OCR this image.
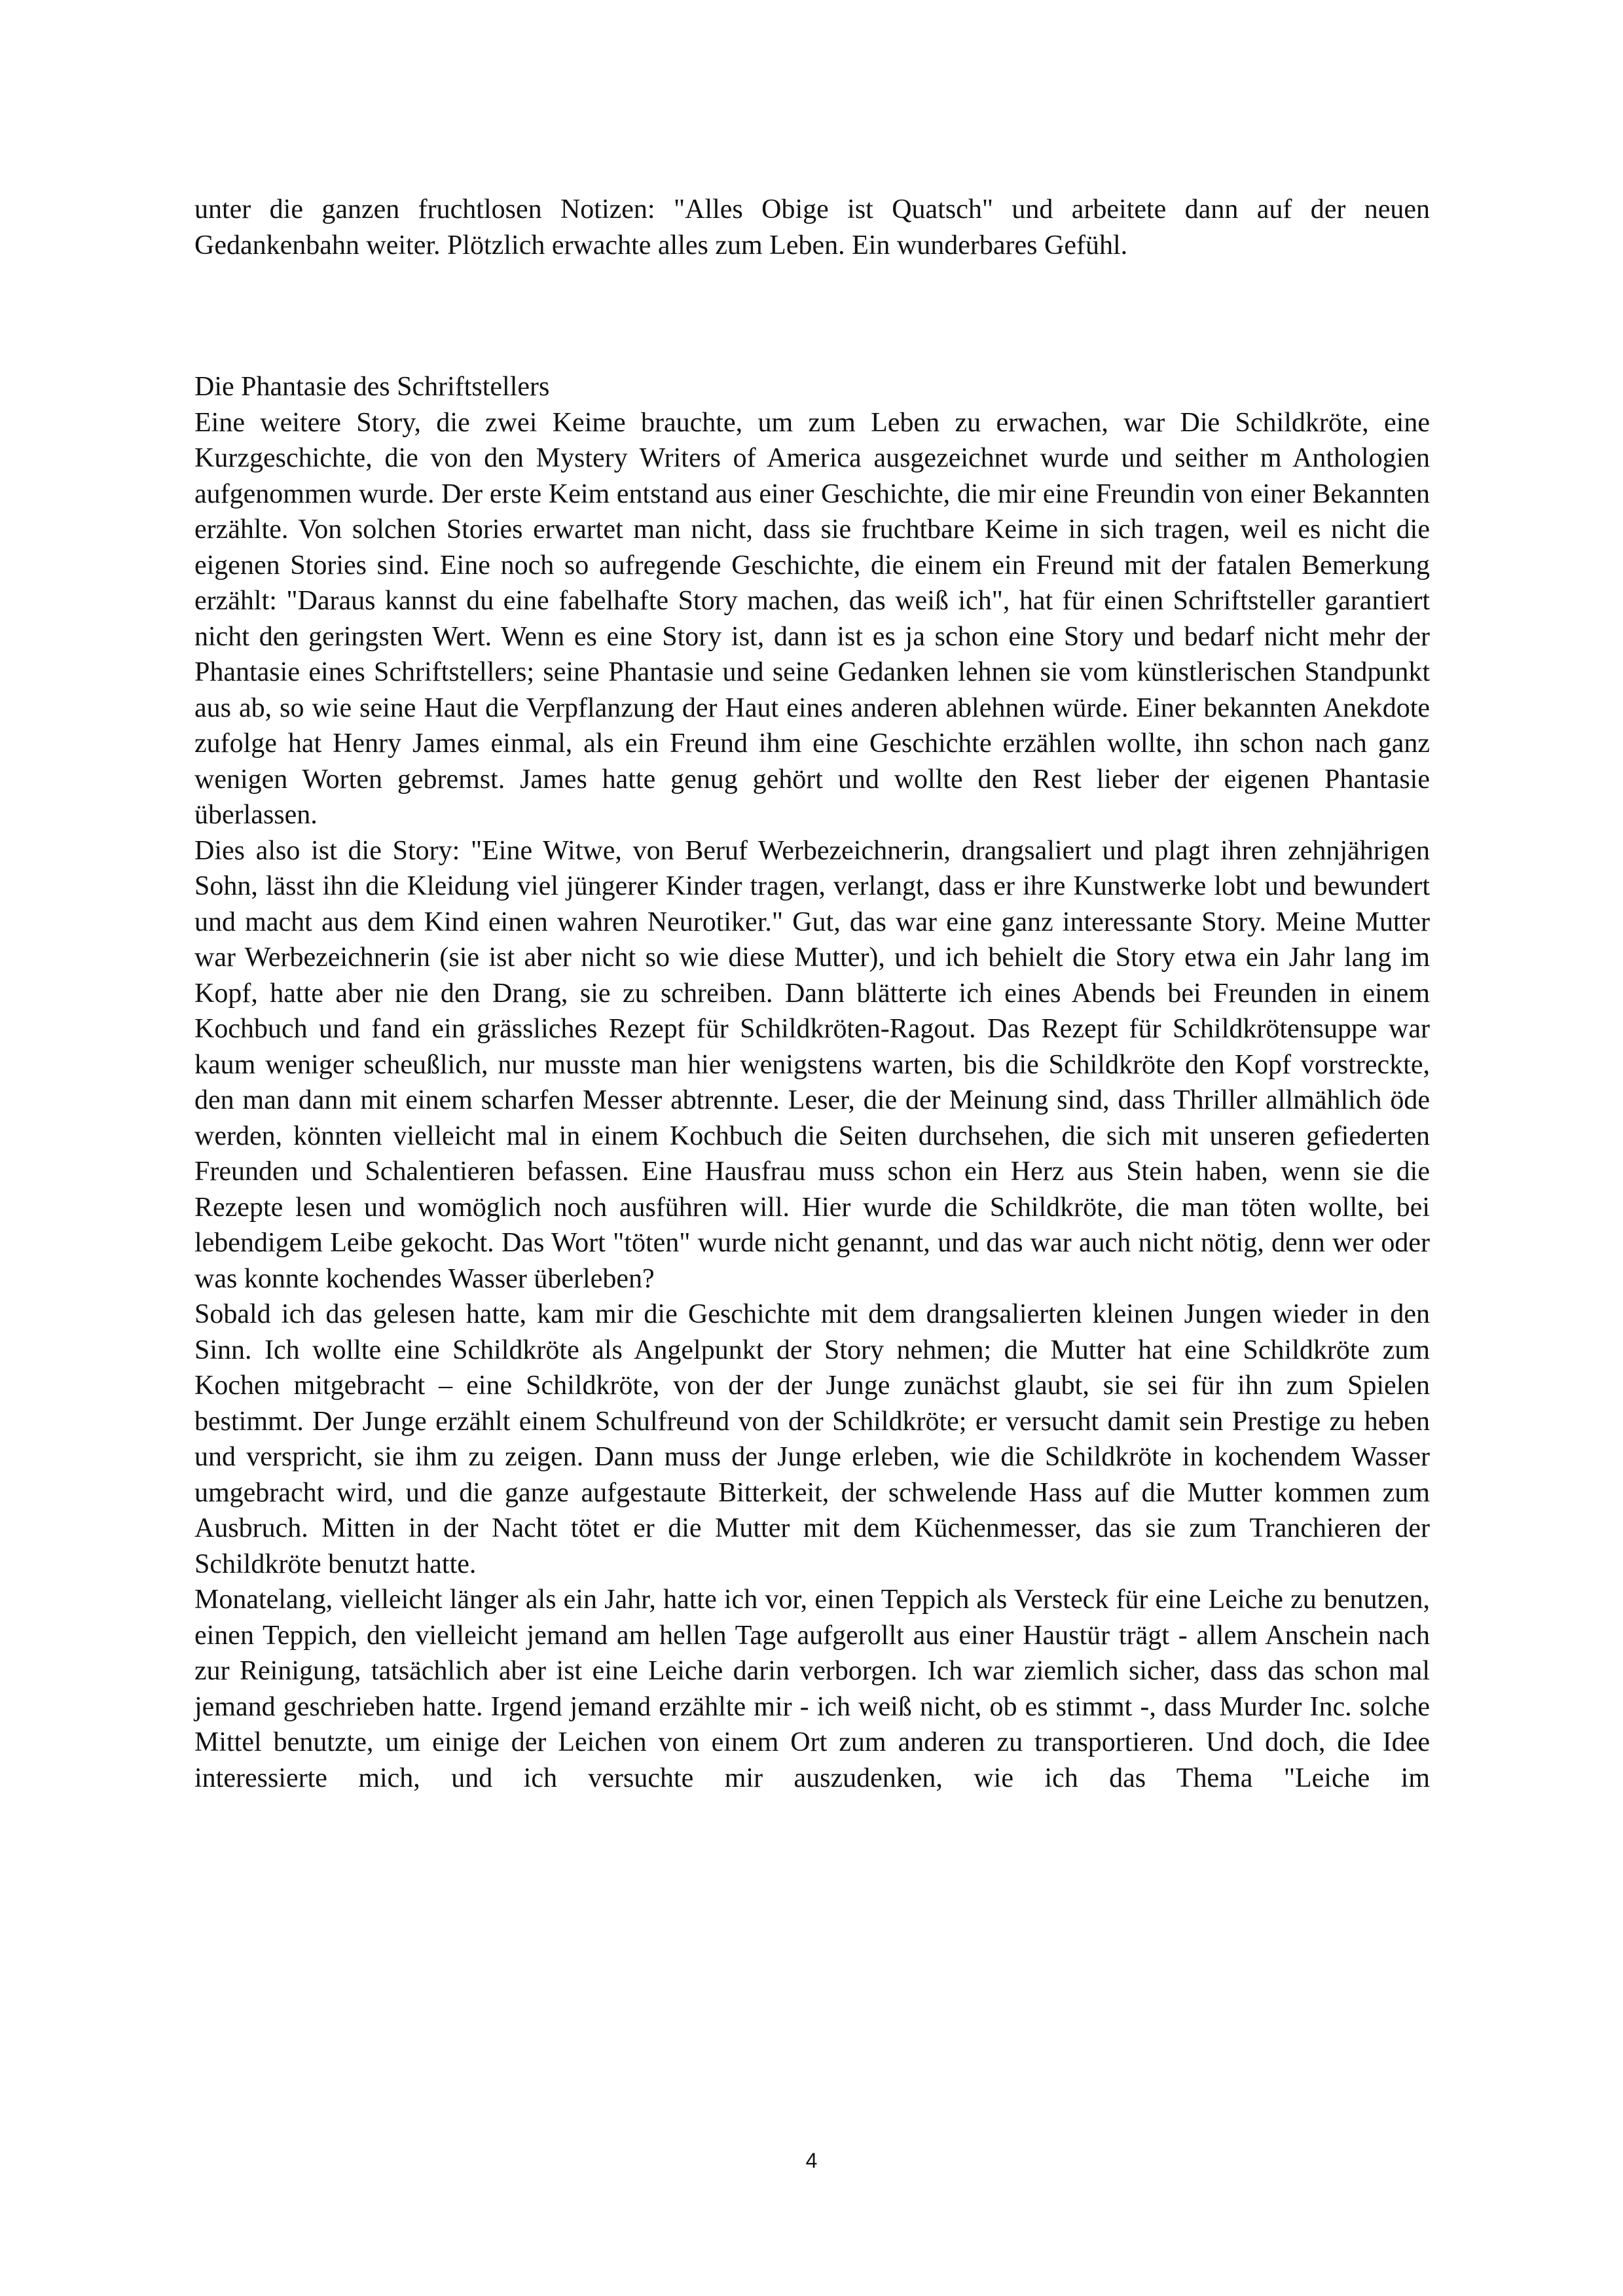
unter die ganzen fruchtlosen Notizen: "Alles Obige ist Quatsch" und arbeitete dann auf der neuen Gedankenbahn weiter. Plötzlich erwachte alles zum Leben. Ein wunderbares Gefühl.

Die Phantasie des Schriftstellers

Eine weitere Story, die zwei Keime brauchte, um zum Leben zu erwachen, war Die Schildkröte, eine Kurzgeschichte, die von den Mystery Writers of America ausgezeichnet wurde und seither m Anthologien aufgenommen wurde. Der erste Keim entstand aus einer Geschichte, die mir eine Freundin von einer Bekannten erzählte. Von solchen Stories erwartet man nicht, dass sie fruchtbare Keime in sich tragen, weil es nicht die eigenen Stories sind. Eine noch so aufregende Geschichte, die einem ein Freund mit der fatalen Bemerkung erzählt: "Daraus kannst du eine fabelhafte Story machen, das weiß ich", hat für einen Schriftsteller garantiert nicht den geringsten Wert. Wenn es eine Story ist, dann ist es ja schon eine Story und bedarf nicht mehr der Phantasie eines Schriftstellers; seine Phantasie und seine Gedanken lehnen sie vom künstlerischen Standpunkt aus ab, so wie seine Haut die Verpflanzung der Haut eines anderen ablehnen würde. Einer bekannten Anekdote zufolge hat Henry James einmal, als ein Freund ihm eine Geschichte erzählen wollte, ihn schon nach ganz wenigen Worten gebremst. James hatte genug gehört und wollte den Rest lieber der eigenen Phantasie überlassen.

Dies also ist die Story: "Eine Witwe, von Beruf Werbezeichnerin, drangsaliert und plagt ihren zehnjährigen Sohn, lässt ihn die Kleidung viel jüngerer Kinder tragen, verlangt, dass er ihre Kunstwerke lobt und bewundert und macht aus dem Kind einen wahren Neurotiker." Gut, das war eine ganz interessante Story. Meine Mutter war Werbezeichnerin (sie ist aber nicht so wie diese Mutter), und ich behielt die Story etwa ein Jahr lang im Kopf, hatte aber nie den Drang, sie zu schreiben. Dann blätterte ich eines Abends bei Freunden in einem Kochbuch und fand ein grässliches Rezept für Schildkröten-Ragout. Das Rezept für Schildkrötensuppe war kaum weniger scheußlich, nur musste man hier wenigstens warten, bis die Schildkröte den Kopf vorstreckte, den man dann mit einem scharfen Messer abtrennte. Leser, die der Meinung sind, dass Thriller allmählich öde werden, könnten vielleicht mal in einem Kochbuch die Seiten durchsehen, die sich mit unseren gefiederten Freunden und Schalentieren befassen. Eine Hausfrau muss schon ein Herz aus Stein haben, wenn sie die Rezepte lesen und womöglich noch ausführen will. Hier wurde die Schildkröte, die man töten wollte, bei lebendigem Leibe gekocht. Das Wort "töten" wurde nicht genannt, und das war auch nicht nötig, denn wer oder was konnte kochendes Wasser überleben?

Sobald ich das gelesen hatte, kam mir die Geschichte mit dem drangsalierten kleinen Jungen wieder in den Sinn. Ich wollte eine Schildkröte als Angelpunkt der Story nehmen; die Mutter hat eine Schildkröte zum Kochen mitgebracht – eine Schildkröte, von der der Junge zunächst glaubt, sie sei für ihn zum Spielen bestimmt. Der Junge erzählt einem Schulfreund von der Schildkröte; er versucht damit sein Prestige zu heben und verspricht, sie ihm zu zeigen. Dann muss der Junge erleben, wie die Schildkröte in kochendem Wasser umgebracht wird, und die ganze aufgestaute Bitterkeit, der schwelende Hass auf die Mutter kommen zum Ausbruch. Mitten in der Nacht tötet er die Mutter mit dem Küchenmesser, das sie zum Tranchieren der Schildkröte benutzt hatte.

Monatelang, vielleicht länger als ein Jahr, hatte ich vor, einen Teppich als Versteck für eine Leiche zu benutzen, einen Teppich, den vielleicht jemand am hellen Tage aufgerollt aus einer Haustür trägt - allem Anschein nach zur Reinigung, tatsächlich aber ist eine Leiche darin verborgen. Ich war ziemlich sicher, dass das schon mal jemand geschrieben hatte. Irgend jemand erzählte mir - ich weiß nicht, ob es stimmt -, dass Murder Inc. solche Mittel benutzte, um einige der Leichen von einem Ort zum anderen zu transportieren. Und doch, die Idee interessierte mich, und ich versuchte mir auszudenken, wie ich das Thema "Leiche im

4
